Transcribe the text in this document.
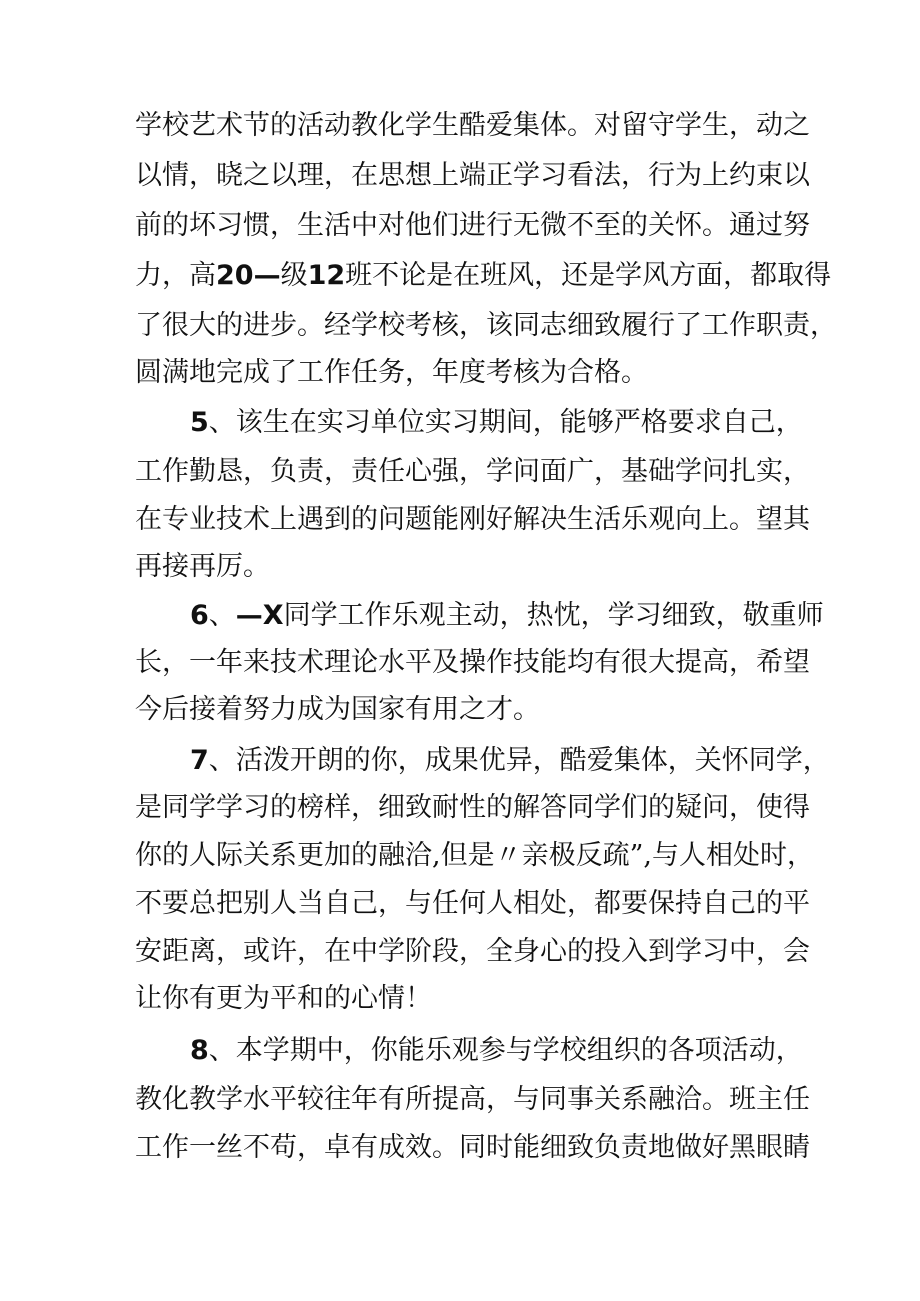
学校艺术节的活动教化学生酷爱集体。对留守学生，动之
以情，晓之以理，在思想上端正学习看法，行为上约束以
前的坏习惯，生活中对他们进行无微不至的关怀。通过努
力，高20—级12班不论是在班风，还是学风方面，都取得
了很大的进步。经学校考核，该同志细致履行了工作职责，
圆满地完成了工作任务，年度考核为合格。
5、该生在实习单位实习期间，能够严格要求自己，
工作勤恳，负责，责任心强，学问面广，基础学问扎实，
在专业技术上遇到的问题能刚好解决生活乐观向上。望其
再接再厉。
6、—X同学工作乐观主动，热忱，学习细致，敬重师
长，一年来技术理论水平及操作技能均有很大提高，希望
今后接着努力成为国家有用之才。
7、活泼开朗的你，成果优异，酷爱集体，关怀同学，
是同学学习的榜样，细致耐性的解答同学们的疑问，使得
你的人际关系更加的融洽,但是〃亲极反疏”,与人相处时，
不要总把别人当自己，与任何人相处，都要保持自己的平
安距离，或许，在中学阶段，全身心的投入到学习中，会
让你有更为平和的心情！
8、本学期中，你能乐观参与学校组织的各项活动，
教化教学水平较往年有所提高，与同事关系融洽。班主任
工作一丝不苟，卓有成效。同时能细致负责地做好黑眼睛
